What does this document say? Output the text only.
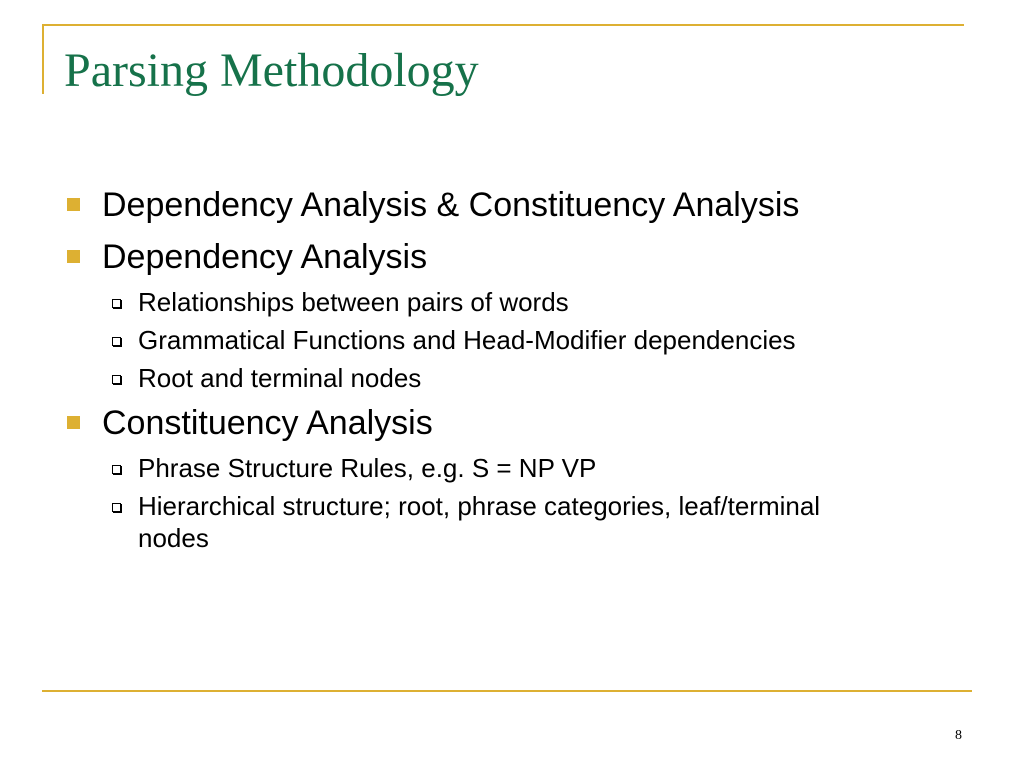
Parsing Methodology
Dependency Analysis & Constituency Analysis
Dependency Analysis
Relationships between pairs of words
Grammatical Functions and Head-Modifier dependencies
Root and terminal nodes
Constituency Analysis
Phrase Structure Rules, e.g. S = NP VP
Hierarchical structure; root, phrase categories, leaf/terminal nodes
8
